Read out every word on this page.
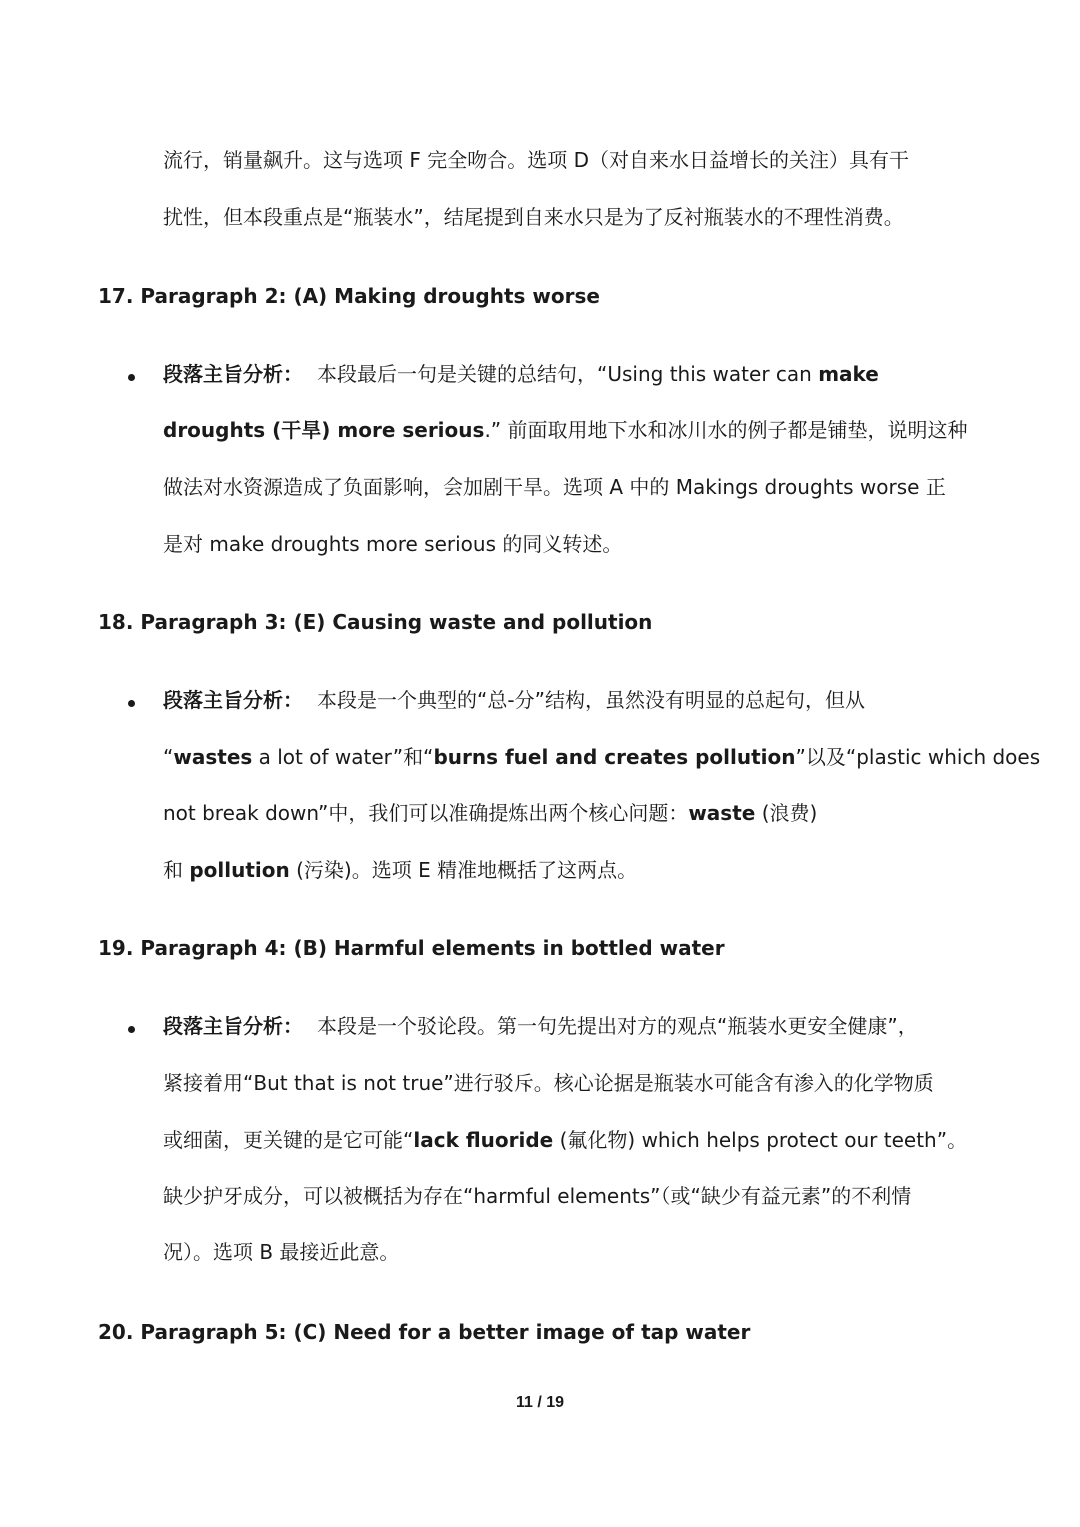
流行，销量飙升。这与选项 F 完全吻合。选项 D（对自来水日益增长的关注）具有干
扰性，但本段重点是“瓶装水”，结尾提到自来水只是为了反衬瓶装水的不理性消费。
17. Paragraph 2: (A) Making droughts worse
段落主旨分析： 本段最后一句是关键的总结句，“Using this water can make
droughts (干旱) more serious.” 前面取用地下水和冰川水的例子都是铺垫，说明这种
做法对水资源造成了负面影响，会加剧干旱。选项 A 中的 Makings droughts worse 正
是对 make droughts more serious 的同义转述。
18. Paragraph 3: (E) Causing waste and pollution
段落主旨分析： 本段是一个典型的“总-分”结构，虽然没有明显的总起句，但从
“wastes a lot of water”和“burns fuel and creates pollution”以及“plastic which does
not break down”中，我们可以准确提炼出两个核心问题：waste (浪费)
和 pollution (污染)。选项 E 精准地概括了这两点。
19. Paragraph 4: (B) Harmful elements in bottled water
段落主旨分析： 本段是一个驳论段。第一句先提出对方的观点“瓶装水更安全健康”，
紧接着用“But that is not true”进行驳斥。核心论据是瓶装水可能含有渗入的化学物质
或细菌，更关键的是它可能“lack fluoride (氟化物) which helps protect our teeth”。
缺少护牙成分，可以被概括为存在“harmful elements”（或“缺少有益元素”的不利情
况）。选项 B 最接近此意。
20. Paragraph 5: (C) Need for a better image of tap water
11 / 19
